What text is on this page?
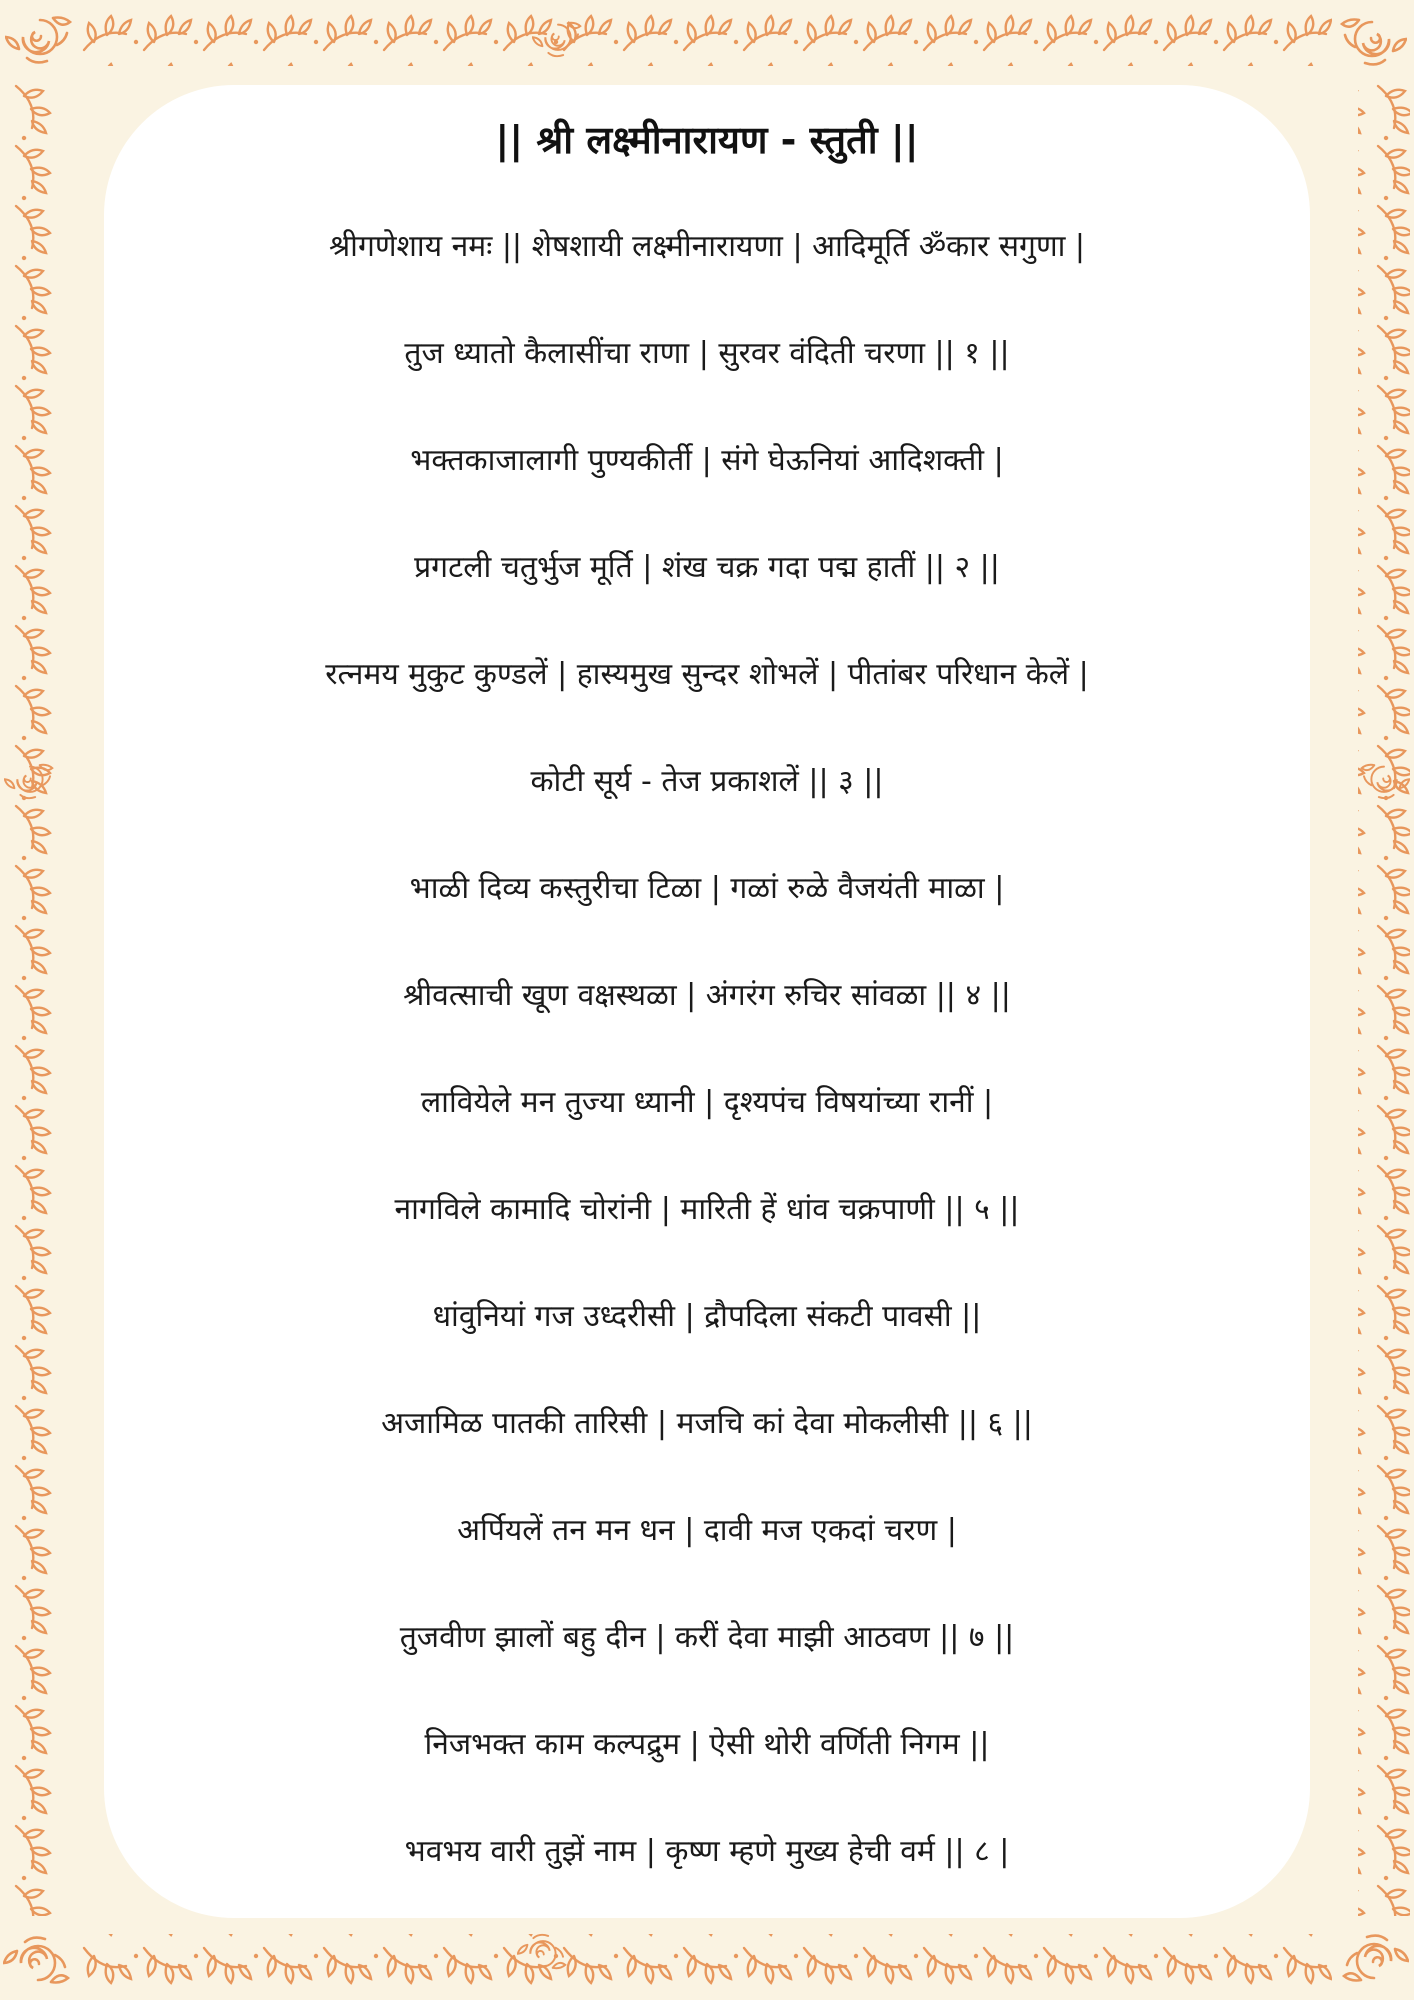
|| श्री लक्ष्मीनारायण - स्तुती ||
श्रीगणेशाय नमः || शेषशायी लक्ष्मीनारायणा | आदिमूर्ति ॐकार सगुणा |
तुज ध्यातो कैलासींचा राणा | सुरवर वंदिती चरणा || १ ||
भक्तकाजालागी पुण्यकीर्ती | संगे घेऊनियां आदिशक्ती |
प्रगटली चतुर्भुज मूर्ति | शंख चक्र गदा पद्म हातीं || २ ||
रत्नमय मुकुट कुण्डलें | हास्यमुख सुन्दर शोभलें | पीतांबर परिधान केलें |
कोटी सूर्य - तेज प्रकाशलें || ३ ||
भाळी दिव्य कस्तुरीचा टिळा | गळां रुळे वैजयंती माळा |
श्रीवत्साची खूण वक्षस्थळा | अंगरंग रुचिर सांवळा || ४ ||
लावियेले मन तुज्या ध्यानी | दृश्यपंच विषयांच्या रानीं |
नागविले कामादि चोरांनी | मारिती हें धांव चक्रपाणी || ५ ||
धांवुनियां गज उध्दरीसी | द्रौपदिला संकटी पावसी ||
अजामिळ पातकी तारिसी | मजचि कां देवा मोकलीसी || ६ ||
अर्पियलें तन मन धन | दावी मज एकदां चरण |
तुजवीण झालों बहु दीन | करीं देवा माझी आठवण || ७ ||
निजभक्त काम कल्पद्रुम | ऐसी थोरी वर्णिती निगम ||
भवभय वारी तुझें नाम | कृष्ण म्हणे मुख्य हेची वर्म || ८ |
